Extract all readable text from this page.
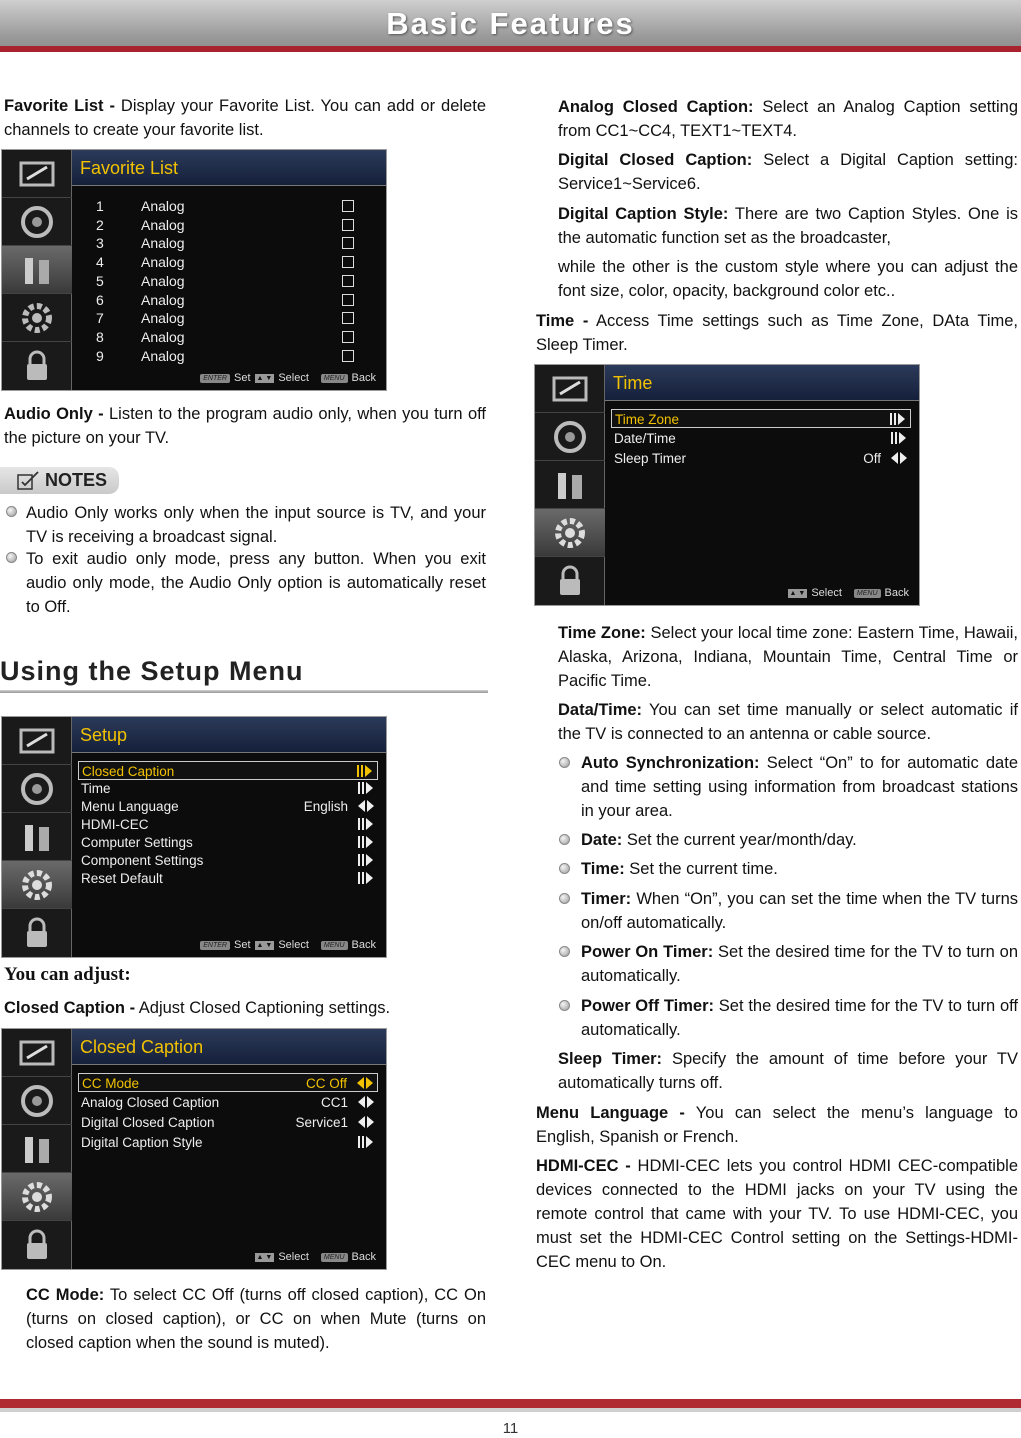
Basic Features
Favorite List - Display your Favorite List. You can add or delete channels to create your favorite list.
Favorite List
ENTER Set ▲ ▼ Select	MENU Back
1	Analog
2	Analog
3	Analog
4	Analog
5	Analog
6	Analog
7	Analog
8	Analog
9	Analog
Audio Only - Listen to the program audio only, when you turn off the picture on your TV.
NOTES
Audio Only works only when the input source is TV, and your TV is receiving a broadcast signal.
To exit audio only mode, press any button. When you exit audio only mode, the Audio Only option is automatically reset to Off.
Using the Setup Menu
Setup
Closed Caption
Time
Menu Language	English
HDMI-CEC
Computer Settings
Component Settings
Reset Default
ENTER Set ▲ ▼ Select	MENU Back
You can adjust:
Closed Caption - Adjust Closed Captioning settings.
Closed Caption
CC Mode	CC Off
Analog Closed Caption	CC1
Digital Closed Caption	Service1
Digital Caption Style
▲ ▼ Select	MENU Back
CC Mode: To select CC Off (turns off closed caption), CC On (turns on closed caption), or CC on when Mute (turns on closed caption when the sound is muted).
Analog Closed Caption: Select an Analog Caption setting from CC1~CC4, TEXT1~TEXT4.
Digital Closed Caption: Select a Digital Caption setting: Service1~Service6.
Digital Caption Style: There are two Caption Styles. One is the automatic function set as the broadcaster,
while the other is the custom style where you can adjust the font size, color, opacity, background color etc..
Time - Access Time settings such as Time Zone, DAta Time, Sleep Timer.
Time
Time Zone
Date/Time
Sleep Timer	Off
▲ ▼ Select	MENU Back
Time Zone: Select your local time zone: Eastern Time, Hawaii, Alaska, Arizona, Indiana, Mountain Time, Central Time or Pacific Time.
Data/Time: You can set time manually or select automatic if the TV is connected to an antenna or cable source.
Auto Synchronization: Select “On” to for automatic date and time setting using information from broadcast stations in your area.
Date: Set the current year/month/day.
Time: Set the current time.
Timer: When “On”, you can set the time when the TV turns on/off automatically.
Power On Timer: Set the desired time for the TV to turn on automatically.
Power Off Timer: Set the desired time for the TV to turn off automatically.
Sleep Timer: Specify the amount of time before your TV automatically turns off.
Menu Language - You can select the menu’s language to English, Spanish or French.
HDMI-CEC - HDMI-CEC lets you control HDMI CEC-compatible devices connected to the HDMI jacks on your TV using the remote control that came with your TV. To use HDMI-CEC, you must set the HDMI-CEC Control setting on the Settings-HDMI-CEC menu to On.
11
